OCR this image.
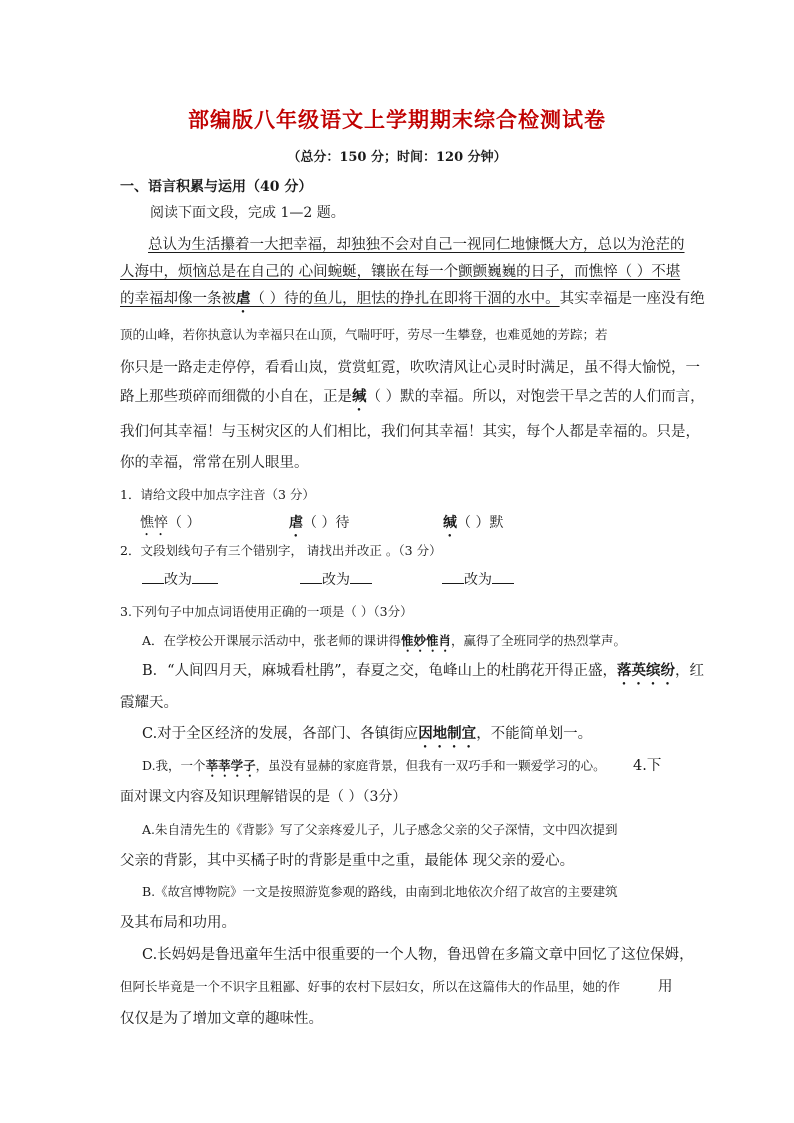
部编版八年级语文上学期期末综合检测试卷
（总分：150 分；时间：120 分钟）
一、语言积累与运用（40 分）
阅读下面文段，完成 1—2 题。
总认为生活攥着一大把幸福，却独独不会对自己一视同仁地慷慨大方，总以为沧茫的
人海中，烦恼总是在自己的 心间蜿蜒，镶嵌在每一个颤颤巍巍的日子，而憔悴（ ）不堪
的幸福却像一条被虐（ ）待的鱼儿，胆怯的挣扎在即将干涸的水中。其实幸福是一座没有绝
顶的山峰，若你执意认为幸福只在山顶，气喘吁吁，劳尽一生攀登，也难觅她的芳踪；若
你只是一路走走停停，看看山岚，赏赏虹霓，吹吹清风让心灵时时满足，虽不得大愉悦，一
路上那些琐碎而细微的小自在，正是缄（ ）默的幸福。所以，对饱尝干旱之苦的人们而言，
我们何其幸福！与玉树灾区的人们相比，我们何其幸福！其实，每个人都是幸福的。只是，
你的幸福，常常在别人眼里。
1．请给文段中加点字注音（3 分）
憔悴（ ）	虐（ ）待	缄（ ）默
2．文段划线句子有三个错别字， 请找出并改正 。（3 分）
改为	改为	改为
3.下列句子中加点词语使用正确的一项是（ ）（3分）
A．在学校公开课展示活动中，张老师的课讲得惟妙惟肖，赢得了全班同学的热烈掌声。
B．“人间四月天，麻城看杜鹃”，春夏之交，龟峰山上的杜鹃花开得正盛，落英缤纷，红
霞耀天。
C.对于全区经济的发展，各部门、各镇街应因地制宜，不能简单划一。
D.我，一个莘莘学子，虽没有显赫的家庭背景，但我有一双巧手和一颗爱学习的心。 4.下
面对课文内容及知识理解错误的是（ ）（3分）
A.朱自清先生的《背影》写了父亲疼爱儿子，儿子感念父亲的父子深情，文中四次提到
父亲的背影，其中买橘子时的背影是重中之重，最能体 现父亲的爱心。
B.《故宫博物院》一文是按照游览参观的路线，由南到北地依次介绍了故宫的主要建筑
及其布局和功用。
C.长妈妈是鲁迅童年生活中很重要的一个人物，鲁迅曾在多篇文章中回忆了这位保姆，
但阿长毕竟是一个不识字且粗鄙、好事的农村下层妇女，所以在这篇伟大的作品里，她的作	用
仅仅是为了增加文章的趣味性。
